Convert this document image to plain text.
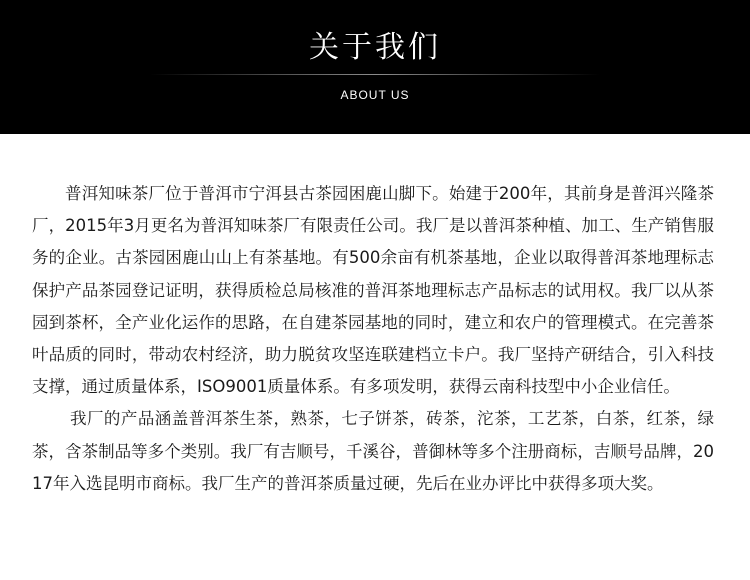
关于我们
ABOUT US

普洱知味茶厂位于普洱市宁洱县古茶园困鹿山脚下。始建于200年，其前身是普洱兴隆茶厂，2015年3月更名为普洱知味茶厂有限责任公司。我厂是以普洱茶种植、加工、生产销售服务的企业。古茶园困鹿山山上有茶基地。有500余亩有机茶基地，企业以取得普洱茶地理标志保护产品茶园登记证明，获得质检总局核准的普洱茶地理标志产品标志的试用权。我厂以从茶园到茶杯，全产业化运作的思路，在自建茶园基地的同时，建立和农户的管理模式。在完善茶叶品质的同时，带动农村经济，助力脱贫攻坚连联建档立卡户。我厂坚持产研结合，引入科技支撑，通过质量体系，ISO9001质量体系。有多项发明，获得云南科技型中小企业信任。

我厂的产品涵盖普洱茶生茶，熟茶，七子饼茶，砖茶，沱茶，工艺茶，白茶，红茶，绿茶，含茶制品等多个类别。我厂有吉顺号，千溪谷，普御林等多个注册商标，吉顺号品牌，2017年入选昆明市商标。我厂生产的普洱茶质量过硬，先后在业办评比中获得多项大奖。
